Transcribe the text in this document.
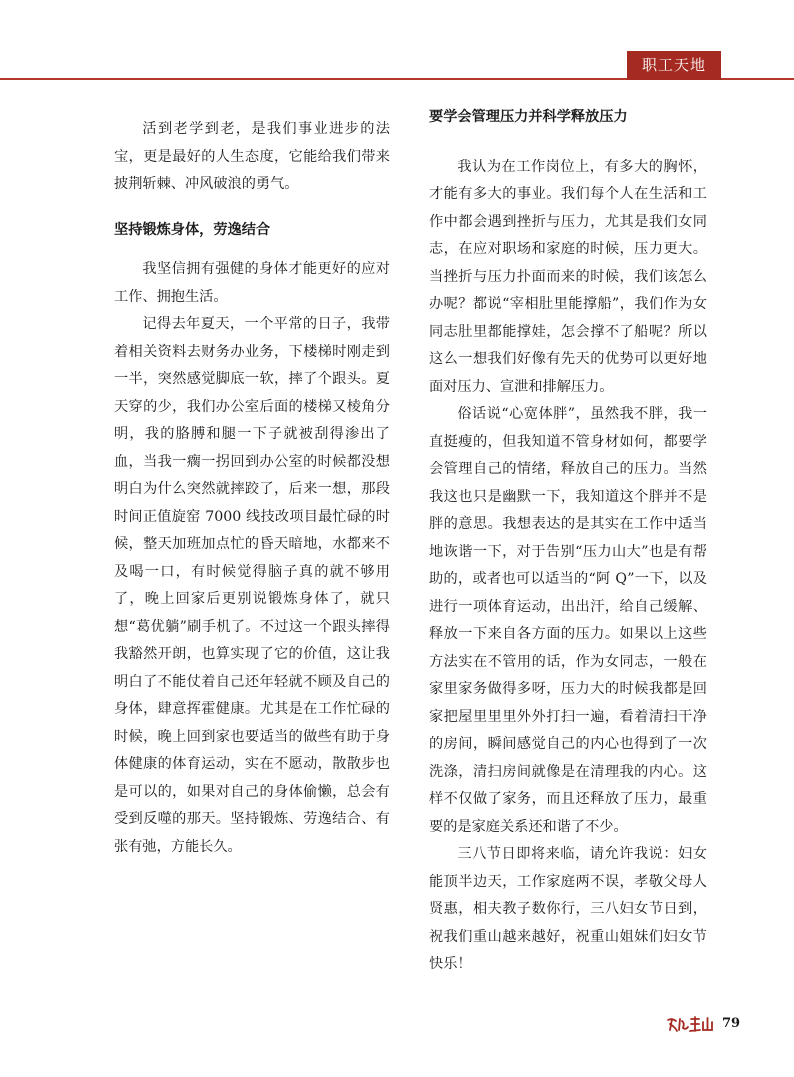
职工天地

活到老学到老，是我们事业进步的法宝，更是最好的人生态度，它能给我们带来披荆斩棘、冲风破浪的勇气。

坚持锻炼身体，劳逸结合

我坚信拥有强健的身体才能更好的应对工作、拥抱生活。

记得去年夏天，一个平常的日子，我带着相关资料去财务办业务，下楼梯时刚走到一半，突然感觉脚底一软，摔了个跟头。夏天穿的少，我们办公室后面的楼梯又棱角分明，我的胳膊和腿一下子就被刮得渗出了血，当我一瘸一拐回到办公室的时候都没想明白为什么突然就摔跤了，后来一想，那段时间正值旋窑 7000 线技改项目最忙碌的时候，整天加班加点忙的昏天暗地，水都来不及喝一口，有时候觉得脑子真的就不够用了，晚上回家后更别说锻炼身体了，就只想“葛优躺”刷手机了。不过这一个跟头摔得我豁然开朗，也算实现了它的价值，这让我明白了不能仗着自己还年轻就不顾及自己的身体，肆意挥霍健康。尤其是在工作忙碌的时候，晚上回到家也要适当的做些有助于身体健康的体育运动，实在不愿动，散散步也是可以的，如果对自己的身体偷懒，总会有受到反噬的那天。坚持锻炼、劳逸结合、有张有弛，方能长久。

要学会管理压力并科学释放压力

我认为在工作岗位上，有多大的胸怀，才能有多大的事业。我们每个人在生活和工作中都会遇到挫折与压力，尤其是我们女同志，在应对职场和家庭的时候，压力更大。当挫折与压力扑面而来的时候，我们该怎么办呢？都说“宰相肚里能撑船”，我们作为女同志肚里都能撑娃，怎会撑不了船呢？所以这么一想我们好像有先天的优势可以更好地面对压力、宣泄和排解压力。

俗话说“心宽体胖”，虽然我不胖，我一直挺瘦的，但我知道不管身材如何，都要学会管理自己的情绪，释放自己的压力。当然我这也只是幽默一下，我知道这个胖并不是胖的意思。我想表达的是其实在工作中适当地诙谐一下，对于告别“压力山大”也是有帮助的，或者也可以适当的“阿 Q”一下，以及进行一项体育运动，出出汗，给自己缓解、释放一下来自各方面的压力。如果以上这些方法实在不管用的话，作为女同志，一般在家里家务做得多呀，压力大的时候我都是回家把屋里里里外外打扫一遍，看着清扫干净的房间，瞬间感觉自己的内心也得到了一次洗涤，清扫房间就像是在清理我的内心。这样不仅做了家务，而且还释放了压力，最重要的是家庭关系还和谐了不少。

三八节日即将来临，请允许我说：妇女能顶半边天，工作家庭两不误，孝敬父母人贤惠，相夫教子数你行，三八妇女节日到，祝我们重山越来越好，祝重山姐妹们妇女节快乐！

79
